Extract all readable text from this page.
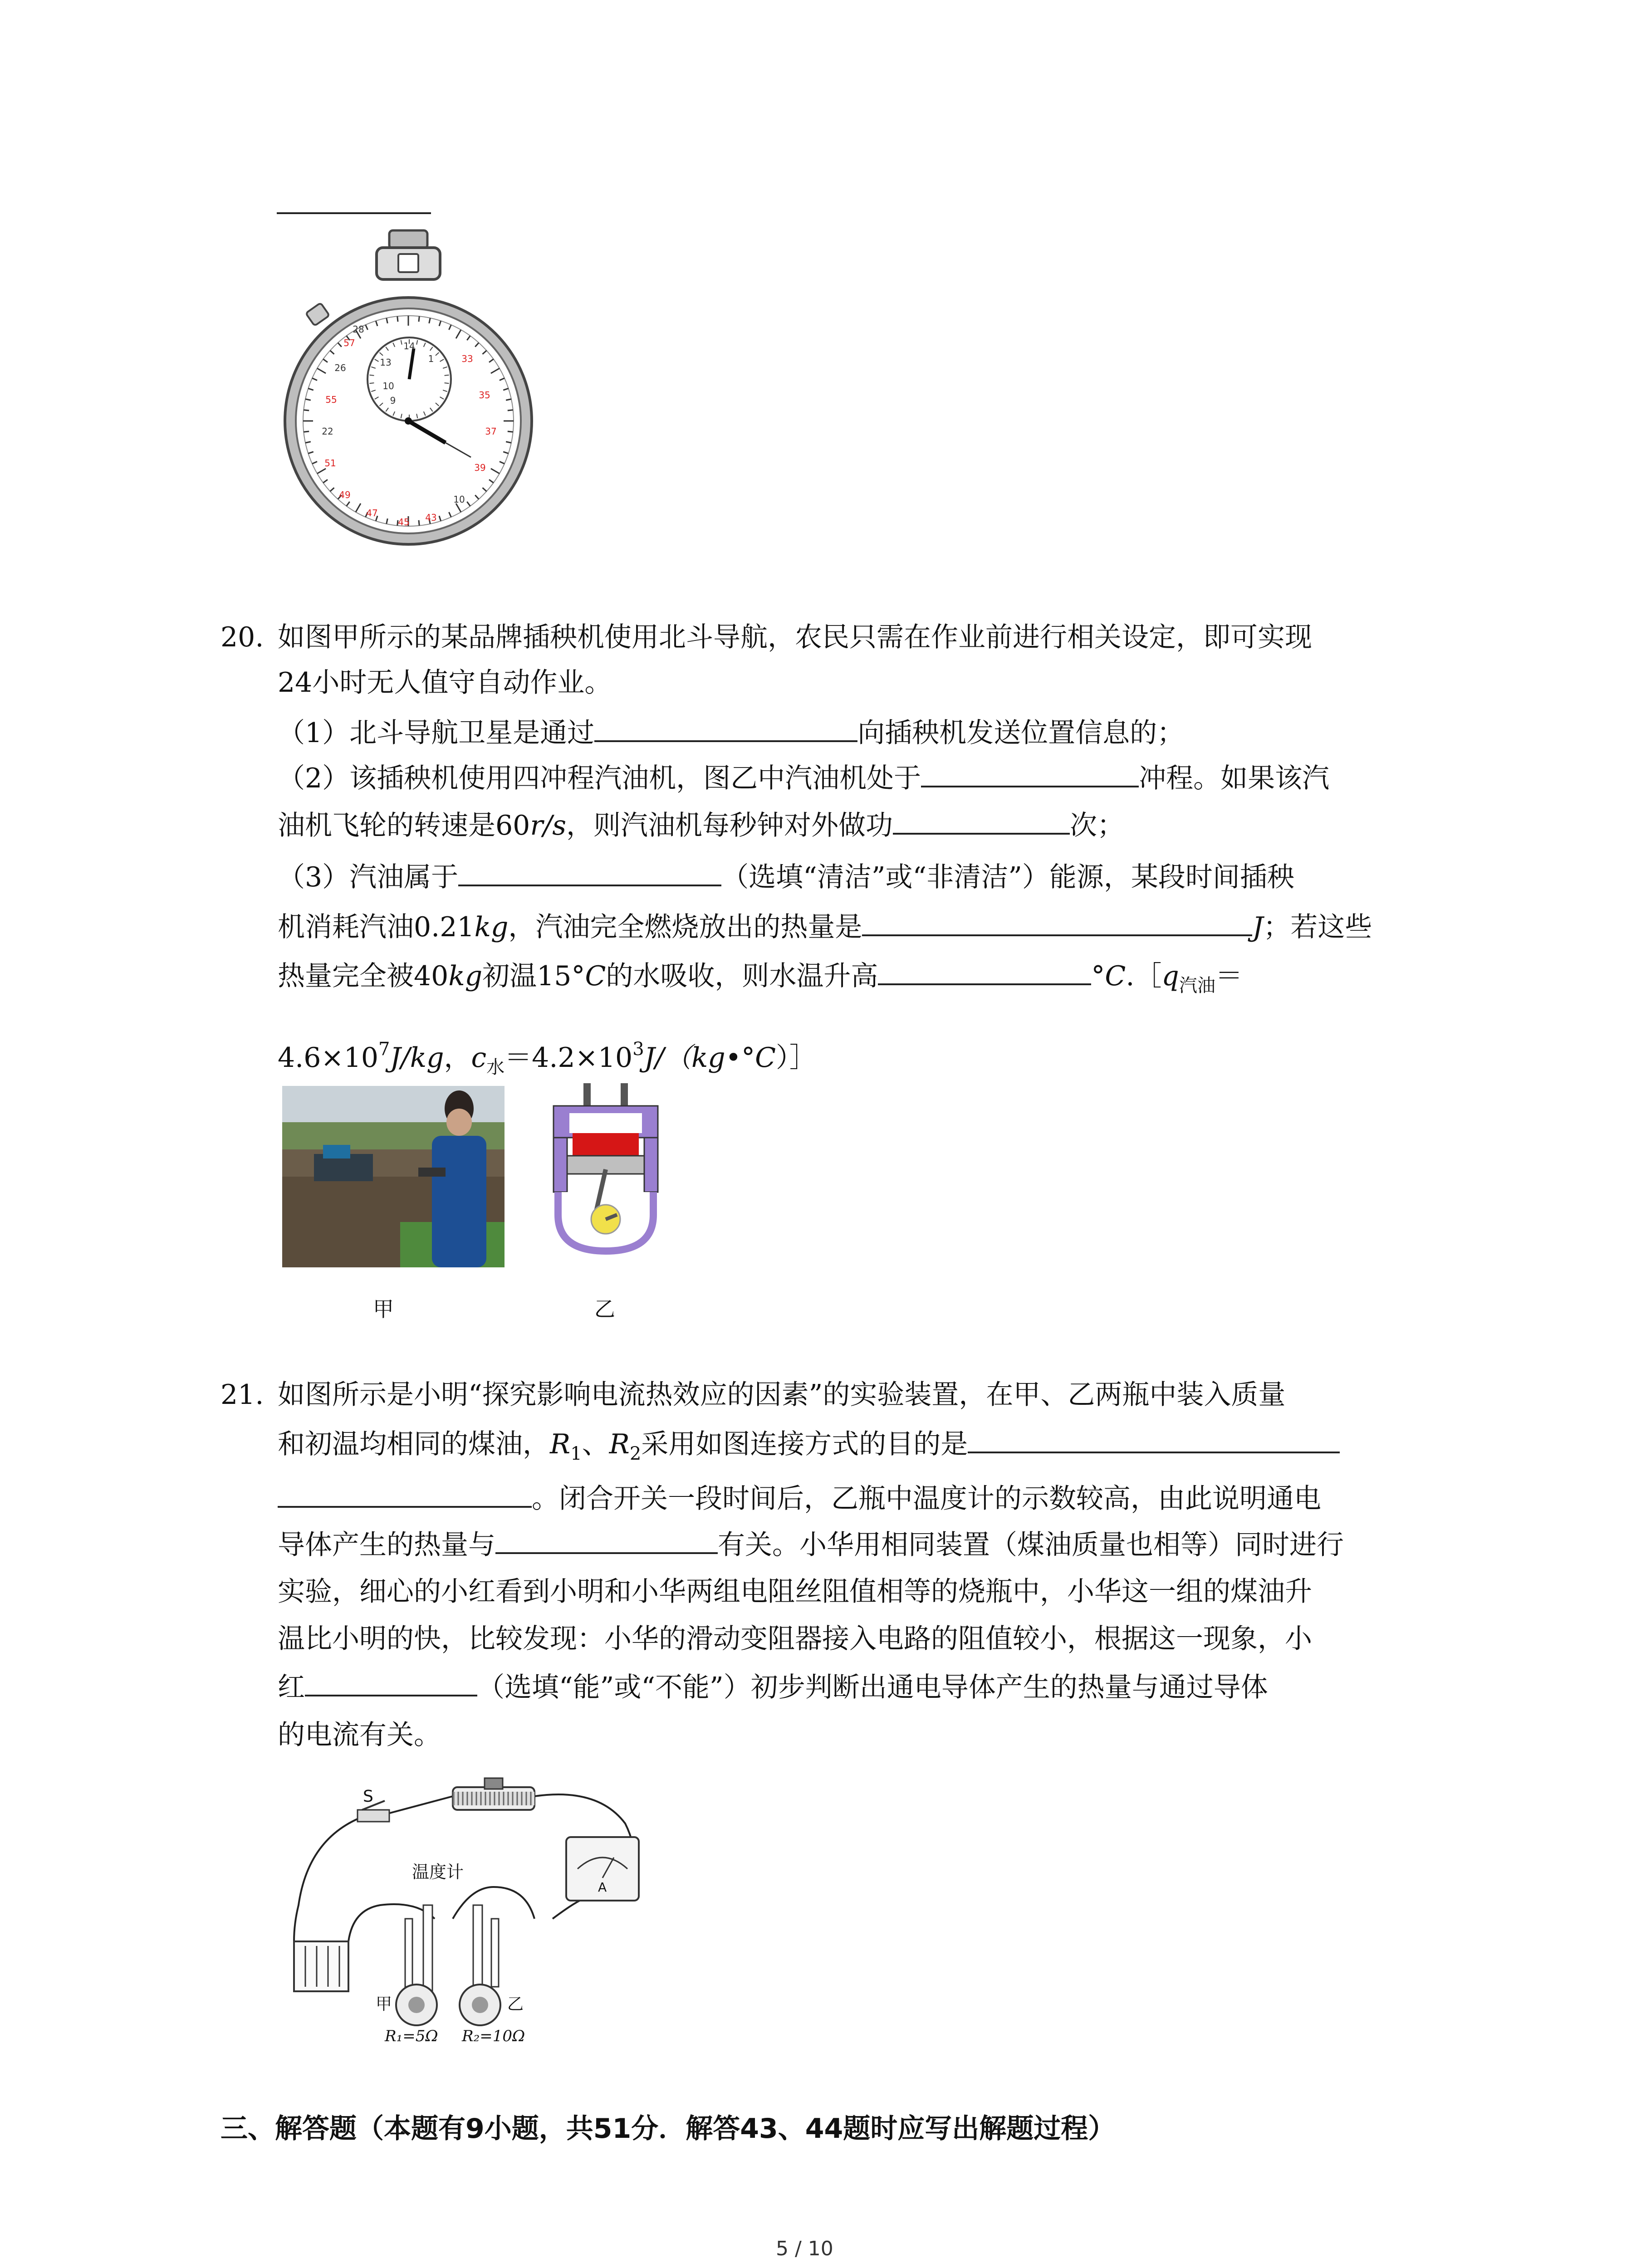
33
35
37
39
10
43
45
47
49
51
22
55
26
57
28
13
10
9
14
1
20. 如图甲所示的某品牌插秧机使用北斗导航，农民只需在作业前进行相关设定，即可实现
24小时无人值守自动作业。
（1）北斗导航卫星是通过	向插秧机发送位置信息的；
（2）该插秧机使用四冲程汽油机，图乙中汽油机处于	冲程。如果该汽
油机飞轮的转速是60r/s，则汽油机每秒钟对外做功	次；
（3）汽油属于	（选填“清洁”或“非清洁”）能源，某段时间插秧
机消耗汽油0.21kg，汽油完全燃烧放出的热量是	J；若这些
热量完全被40kg初温15°C的水吸收，则水温升高	$^\circ C.[q_{汽油}=$
$4.6\times 10^7J/kg$，$c_水=4.2\times 10^3J/(kg•^\circ C)]$
甲	乙
21. 如图所示是小明“探究影响电流热效应的因素”的实验装置，在甲、乙两瓶中装入质量
和初温均相同的煤油，$R_1$、$R_2$采用如图连接方式的目的是
。闭合开关一段时间后，乙瓶中温度计的示数较高，由此说明通电
导体产生的热量与	有关。小华用相同装置（煤油质量也相等）同时进行
实验，细心的小红看到小明和小华两组电阻丝阻值相等的烧瓶中，小华这一组的煤油升
温比小明的快，比较发现：小华的滑动变阻器接入电路的阻值较小，根据这一现象，小
红	（选填“能”或“不能”）初步判断出通电导体产生的热量与通过导体
的电流有关。
S
A
温度计
甲	乙
R₁=5Ω R₂=10Ω
三、解答题（本题有9小题，共51分．解答43、44题时应写出解题过程）
5 / 10
